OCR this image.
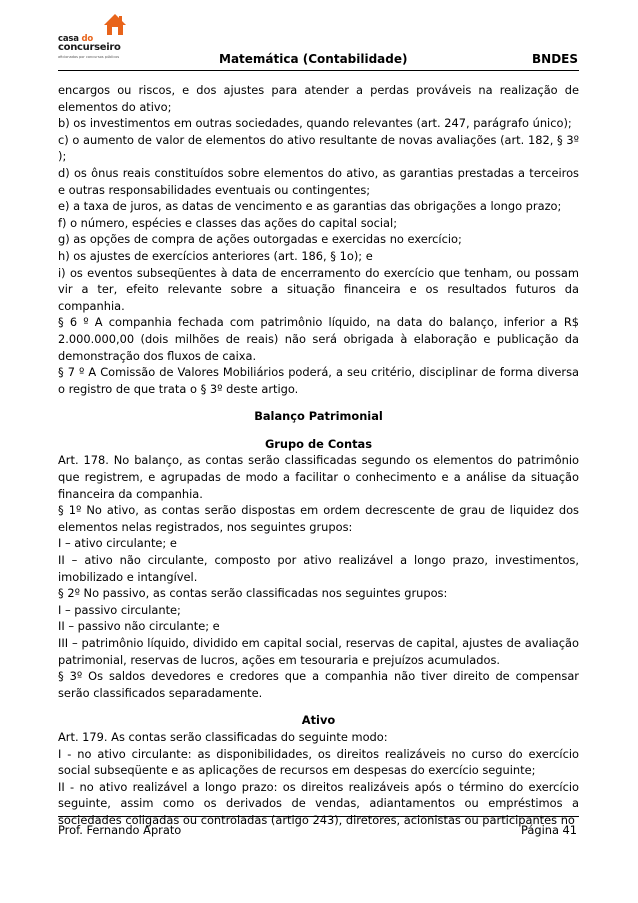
casa do
concurseiro
aficionados por concursos públicos	Matemática (Contabilidade)	BNDES

encargos ou riscos, e dos ajustes para atender a perdas prováveis na realização de elementos do ativo;

b) os investimentos em outras sociedades, quando relevantes (art. 247, parágrafo único);

c) o aumento de valor de elementos do ativo resultante de novas avaliações (art. 182, § 3º );

d) os ônus reais constituídos sobre elementos do ativo, as garantias prestadas a terceiros e outras responsabilidades eventuais ou contingentes;

e) a taxa de juros, as datas de vencimento e as garantias das obrigações a longo prazo;

f) o número, espécies e classes das ações do capital social;

g) as opções de compra de ações outorgadas e exercidas no exercício;

h) os ajustes de exercícios anteriores (art. 186, § 1o); e

i) os eventos subseqüentes à data de encerramento do exercício que tenham, ou possam vir a ter, efeito relevante sobre a situação financeira e os resultados futuros da companhia.

§ 6 º A companhia fechada com patrimônio líquido, na data do balanço, inferior a R$ 2.000.000,00 (dois milhões de reais) não será obrigada à elaboração e publicação da demonstração dos fluxos de caixa.

§ 7 º A Comissão de Valores Mobiliários poderá, a seu critério, disciplinar de forma diversa o registro de que trata o § 3º deste artigo.

Balanço Patrimonial
Grupo de Contas

Art. 178. No balanço, as contas serão classificadas segundo os elementos do patrimônio que registrem, e agrupadas de modo a facilitar o conhecimento e a análise da situação financeira da companhia.

§ 1º No ativo, as contas serão dispostas em ordem decrescente de grau de liquidez dos elementos nelas registrados, nos seguintes grupos:

I – ativo circulante; e

II – ativo não circulante, composto por ativo realizável a longo prazo, investimentos, imobilizado e intangível.

§ 2º No passivo, as contas serão classificadas nos seguintes grupos:

I – passivo circulante;

II – passivo não circulante; e

III – patrimônio líquido, dividido em capital social, reservas de capital, ajustes de avaliação patrimonial, reservas de lucros, ações em tesouraria e prejuízos acumulados.

§ 3º Os saldos devedores e credores que a companhia não tiver direito de compensar serão classificados separadamente.

Ativo

Art. 179. As contas serão classificadas do seguinte modo:

I - no ativo circulante: as disponibilidades, os direitos realizáveis no curso do exercício social subseqüente e as aplicações de recursos em despesas do exercício seguinte;

II - no ativo realizável a longo prazo: os direitos realizáveis após o término do exercício seguinte, assim como os derivados de vendas, adiantamentos ou empréstimos a sociedades coligadas ou controladas (artigo 243), diretores, acionistas ou participantes no

Prof. Fernando Aprato	Página 41
